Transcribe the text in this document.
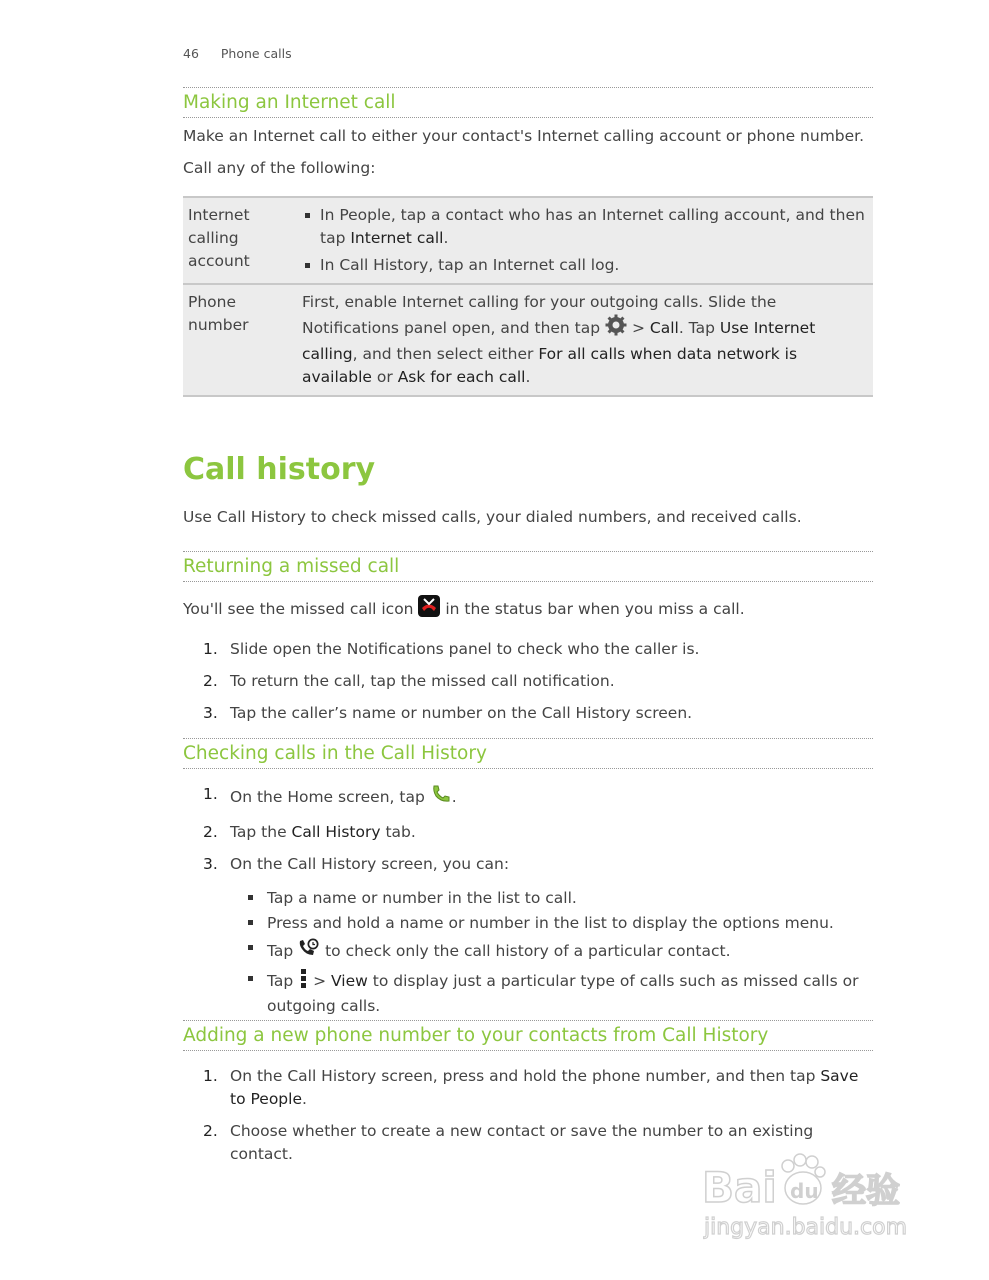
46 Phone calls
Making an Internet call
Make an Internet call to either your contact's Internet calling account or phone number.
Call any of the following:
Internet calling account	In People, tap a contact who has an Internet calling account, and then tap Internet call.
In Call History, tap an Internet call log.

Phone number	First, enable Internet calling for your outgoing calls. Slide the Notifications panel open, and then tap  > Call. Tap Use Internet calling, and then select either For all calls when data network is available or Ask for each call.
Call history
Use Call History to check missed calls, your dialed numbers, and received calls.
Returning a missed call
You'll see the missed call icon  in the status bar when you miss a call.
1. Slide open the Notifications panel to check who the caller is.
2. To return the call, tap the missed call notification.
3. Tap the caller’s name or number on the Call History screen.
Checking calls in the Call History
1. On the Home screen, tap .
2. Tap the Call History tab.
3. On the Call History screen, you can:
Tap a name or number in the list to call.
Press and hold a name or number in the list to display the options menu.
Tap  to check only the call history of a particular contact.
Tap  > View to display just a particular type of calls such as missed calls or outgoing calls.
Adding a new phone number to your contacts from Call History
1. On the Call History screen, press and hold the phone number, and then tap Save to People.
2. Choose whether to create a new contact or save the number to an existing contact.
Bai du 经验
jingyan.baidu.com
